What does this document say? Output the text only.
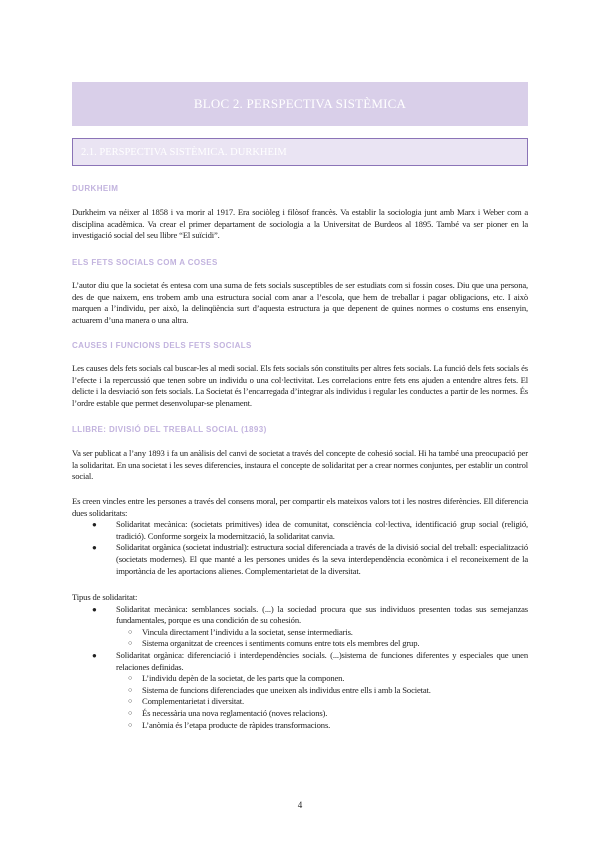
BLOC 2. PERSPECTIVA SISTÈMICA
2.1. PERSPECTIVA SISTÈMICA. DURKHEIM
DURKHEIM

Durkheim va néixer al 1858 i va morir al 1917. Era sociòleg i filòsof francès. Va establir la sociologia junt amb Marx i Weber com a disciplina acadèmica. Va crear el primer departament de sociologia a la Universitat de Burdeos al 1895. També va ser pioner en la investigació social del seu llibre “El suïcidi”.

ELS FETS SOCIALS COM A COSES

L’autor diu que la societat és entesa com una suma de fets socials susceptibles de ser estudiats com si fossin coses. Diu que una persona, des de que naixem, ens trobem amb una estructura social com anar a l’escola, que hem de treballar i pagar obligacions, etc. I això marquen a l’individu, per això, la delinqüència surt d’aquesta estructura ja que depenent de quines normes o costums ens ensenyin, actuarem d’una manera o una altra.

CAUSES I FUNCIONS DELS FETS SOCIALS

Les causes dels fets socials cal buscar-les al medi social. Els fets socials són constituïts per altres fets socials. La funció dels fets socials és l’efecte i la repercussió que tenen sobre un individu o una col·lectivitat. Les correlacions entre fets ens ajuden a entendre altres fets. El delicte i la desviació son fets socials. La Societat és l’encarregada d’integrar als individus i regular les conductes a partir de les normes. És l’ordre estable que permet desenvolupar-se plenament.

LLIBRE: DIVISIÓ DEL TREBALL SOCIAL (1893)

Va ser publicat a l’any 1893 i fa un anàlisis del canvi de societat a través del concepte de cohesió social. Hi ha també una preocupació per la solidaritat. En una societat i les seves diferencies, instaura el concepte de solidaritat per a crear normes conjuntes, per establir un control social.

Es creen vincles entre les persones a través del consens moral, per compartir els mateixos valors tot i les nostres diferències. Ell diferencia dues solidaritats:

● Solidaritat mecànica: (societats primitives) idea de comunitat, consciència col·lectiva, identificació grup social (religió, tradició). Conforme sorgeix la modernització, la solidaritat canvia.
● Solidaritat orgànica (societat industrial): estructura social diferenciada a través de la divisió social del treball: especialització (societats modernes). El que manté a les persones unides és la seva interdependència econòmica i el reconeixement de la importància de les aportacions alienes. Complementarietat de la diversitat.

Tipus de solidaritat:

● Solidaritat mecànica: semblances socials. (...) la sociedad procura que sus individuos presenten todas sus semejanzas fundamentales, porque es una condición de su cohesión.
○ Vincula directament l’individu a la societat, sense intermediaris.
○ Sistema organitzat de creences i sentiments comuns entre tots els membres del grup.
● Solidaritat orgànica: diferenciació i interdependències socials. (...)sistema de funciones diferentes y especiales que unen relaciones definidas.
○ L’individu depèn de la societat, de les parts que la componen.
○ Sistema de funcions diferenciades que uneixen als individus entre ells i amb la Societat.
○ Complementarietat i diversitat.
○ És necessària una nova reglamentació (noves relacions).
○ L’anòmia és l’etapa producte de ràpides transformacions.
4
